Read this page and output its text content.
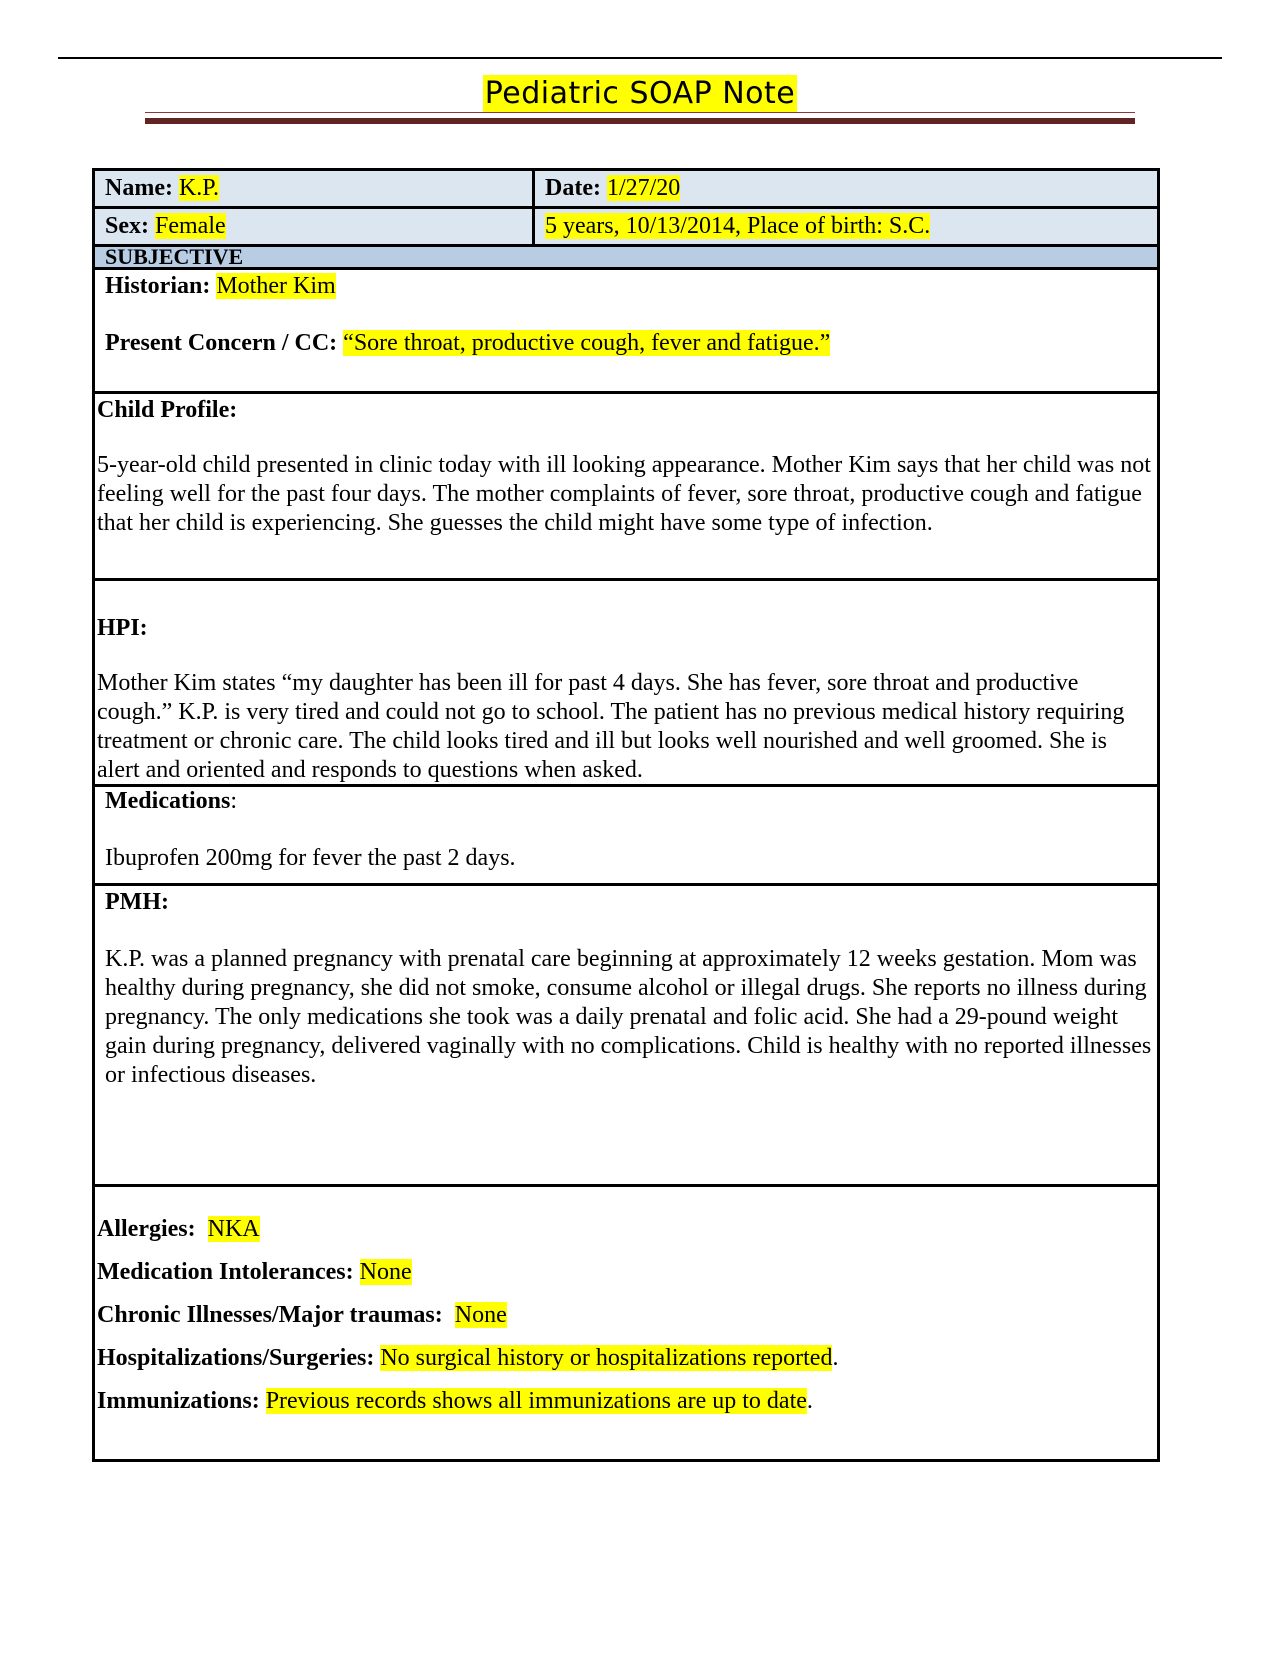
Pediatric SOAP Note
Name: K.P.	Date: 1/27/20
Sex: Female	5 years, 10/13/2014, Place of birth: S.C.
SUBJECTIVE

Historian: Mother Kim

Present Concern / CC: “Sore throat, productive cough, fever and fatigue.”

Child Profile:

5-year-old child presented in clinic today with ill looking appearance. Mother Kim says that her child was not feeling well for the past four days. The mother complaints of fever, sore throat, productive cough and fatigue that her child is experiencing. She guesses the child might have some type of infection.

HPI:

Mother Kim states “my daughter has been ill for past 4 days. She has fever, sore throat and productive cough.” K.P. is very tired and could not go to school. The patient has no previous medical history requiring treatment or chronic care. The child looks tired and ill but looks well nourished and well groomed. She is alert and oriented and responds to questions when asked.

Medications:

Ibuprofen 200mg for fever the past 2 days.

PMH:

K.P. was a planned pregnancy with prenatal care beginning at approximately 12 weeks gestation. Mom was healthy during pregnancy, she did not smoke, consume alcohol or illegal drugs. She reports no illness during pregnancy. The only medications she took was a daily prenatal and folic acid. She had a 29-pound weight gain during pregnancy, delivered vaginally with no complications. Child is healthy with no reported illnesses or infectious diseases.

Allergies: NKA

Medication Intolerances: None

Chronic Illnesses/Major traumas: None

Hospitalizations/Surgeries: No surgical history or hospitalizations reported.

Immunizations: Previous records shows all immunizations are up to date.
